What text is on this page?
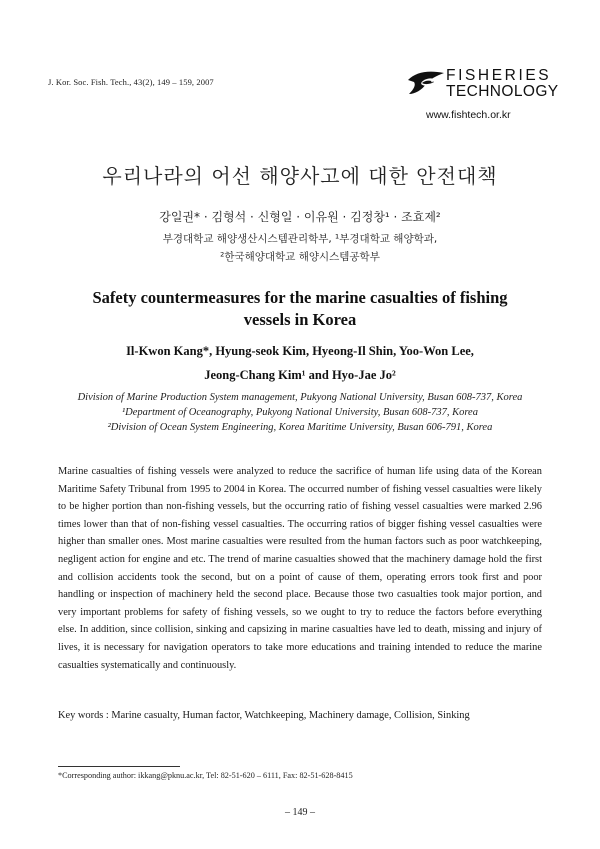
J. Kor. Soc. Fish. Tech., 43(2), 149 – 159, 2007	FISHERIES
TECHNOLOGY
www.fishtech.or.kr
우리나라의 어선 해양사고에 대한 안전대책
강일권* · 김형석 · 신형일 · 이유원 · 김정창¹ · 조효제²
부경대학교 해양생산시스템관리학부, ¹부경대학교 해양학과,
²한국해양대학교 해양시스템공학부
Safety countermeasures for the marine casualties of fishing
vessels in Korea
Il-Kwon Kang*, Hyung-seok Kim, Hyeong-Il Shin, Yoo-Won Lee,
Jeong-Chang Kim¹ and Hyo-Jae Jo²
Division of Marine Production System management, Pukyong National University, Busan 608-737, Korea
¹Department of Oceanography, Pukyong National University, Busan 608-737, Korea
²Division of Ocean System Engineering, Korea Maritime University, Busan 606-791, Korea
Marine casualties of fishing vessels were analyzed to reduce the sacrifice of human life using data of the Korean Maritime Safety Tribunal from 1995 to 2004 in Korea. The occurred number of fishing vessel casualties were likely to be higher portion than non-fishing vessels, but the occurring ratio of fishing vessel casualties were marked 2.96 times lower than that of non-fishing vessel casualties. The occurring ratios of bigger fishing vessel casualties were higher than smaller ones. Most marine casualties were resulted from the human factors such as poor watchkeeping, negligent action for engine and etc. The trend of marine casualties showed that the machinery damage hold the first and collision accidents took the second, but on a point of cause of them, operating errors took first and poor handling or inspection of machinery held the second place. Because those two casualties took major portion, and very important problems for safety of fishing vessels, so we ought to try to reduce the factors before everything else. In addition, since collision, sinking and capsizing in marine casualties have led to death, missing and injury of lives, it is necessary for navigation operators to take more educations and training intended to reduce the marine casualties systematically and continuously.
Key words : Marine casualty, Human factor, Watchkeeping, Machinery damage, Collision, Sinking
*Corresponding author: ikkang@pknu.ac.kr, Tel: 82-51-620 – 6111, Fax: 82-51-628-8415
– 149 –
